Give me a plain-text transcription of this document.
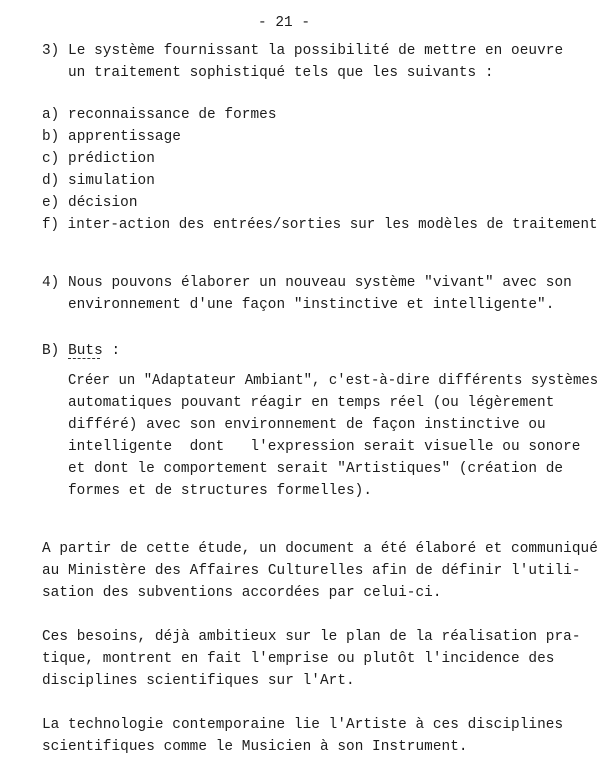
- 21 -
3) Le système fournissant la possibilité de mettre en oeuvre
un traitement sophistiqué tels que les suivants :
a) reconnaissance de formes
b) apprentissage
c) prédiction
d) simulation
e) décision
f) inter-action des entrées/sorties sur les modèles de traitement
4) Nous pouvons élaborer un nouveau système "vivant" avec son
environnement d'une façon "instinctive et intelligente".
B) Buts :
Créer un "Adaptateur Ambiant", c'est-à-dire différents systèmes
automatiques pouvant réagir en temps réel (ou légèrement
différé) avec son environnement de façon instinctive ou
intelligente  dont   l'expression serait visuelle ou sonore
et dont le comportement serait "Artistiques" (création de
formes et de structures formelles).
A partir de cette étude, un document a été élaboré et communiqué
au Ministère des Affaires Culturelles afin de définir l'utili-
sation des subventions accordées par celui-ci.
Ces besoins, déjà ambitieux sur le plan de la réalisation pra-
tique, montrent en fait l'emprise ou plutôt l'incidence des
disciplines scientifiques sur l'Art.
La technologie contemporaine lie l'Artiste à ces disciplines
scientifiques comme le Musicien à son Instrument.
